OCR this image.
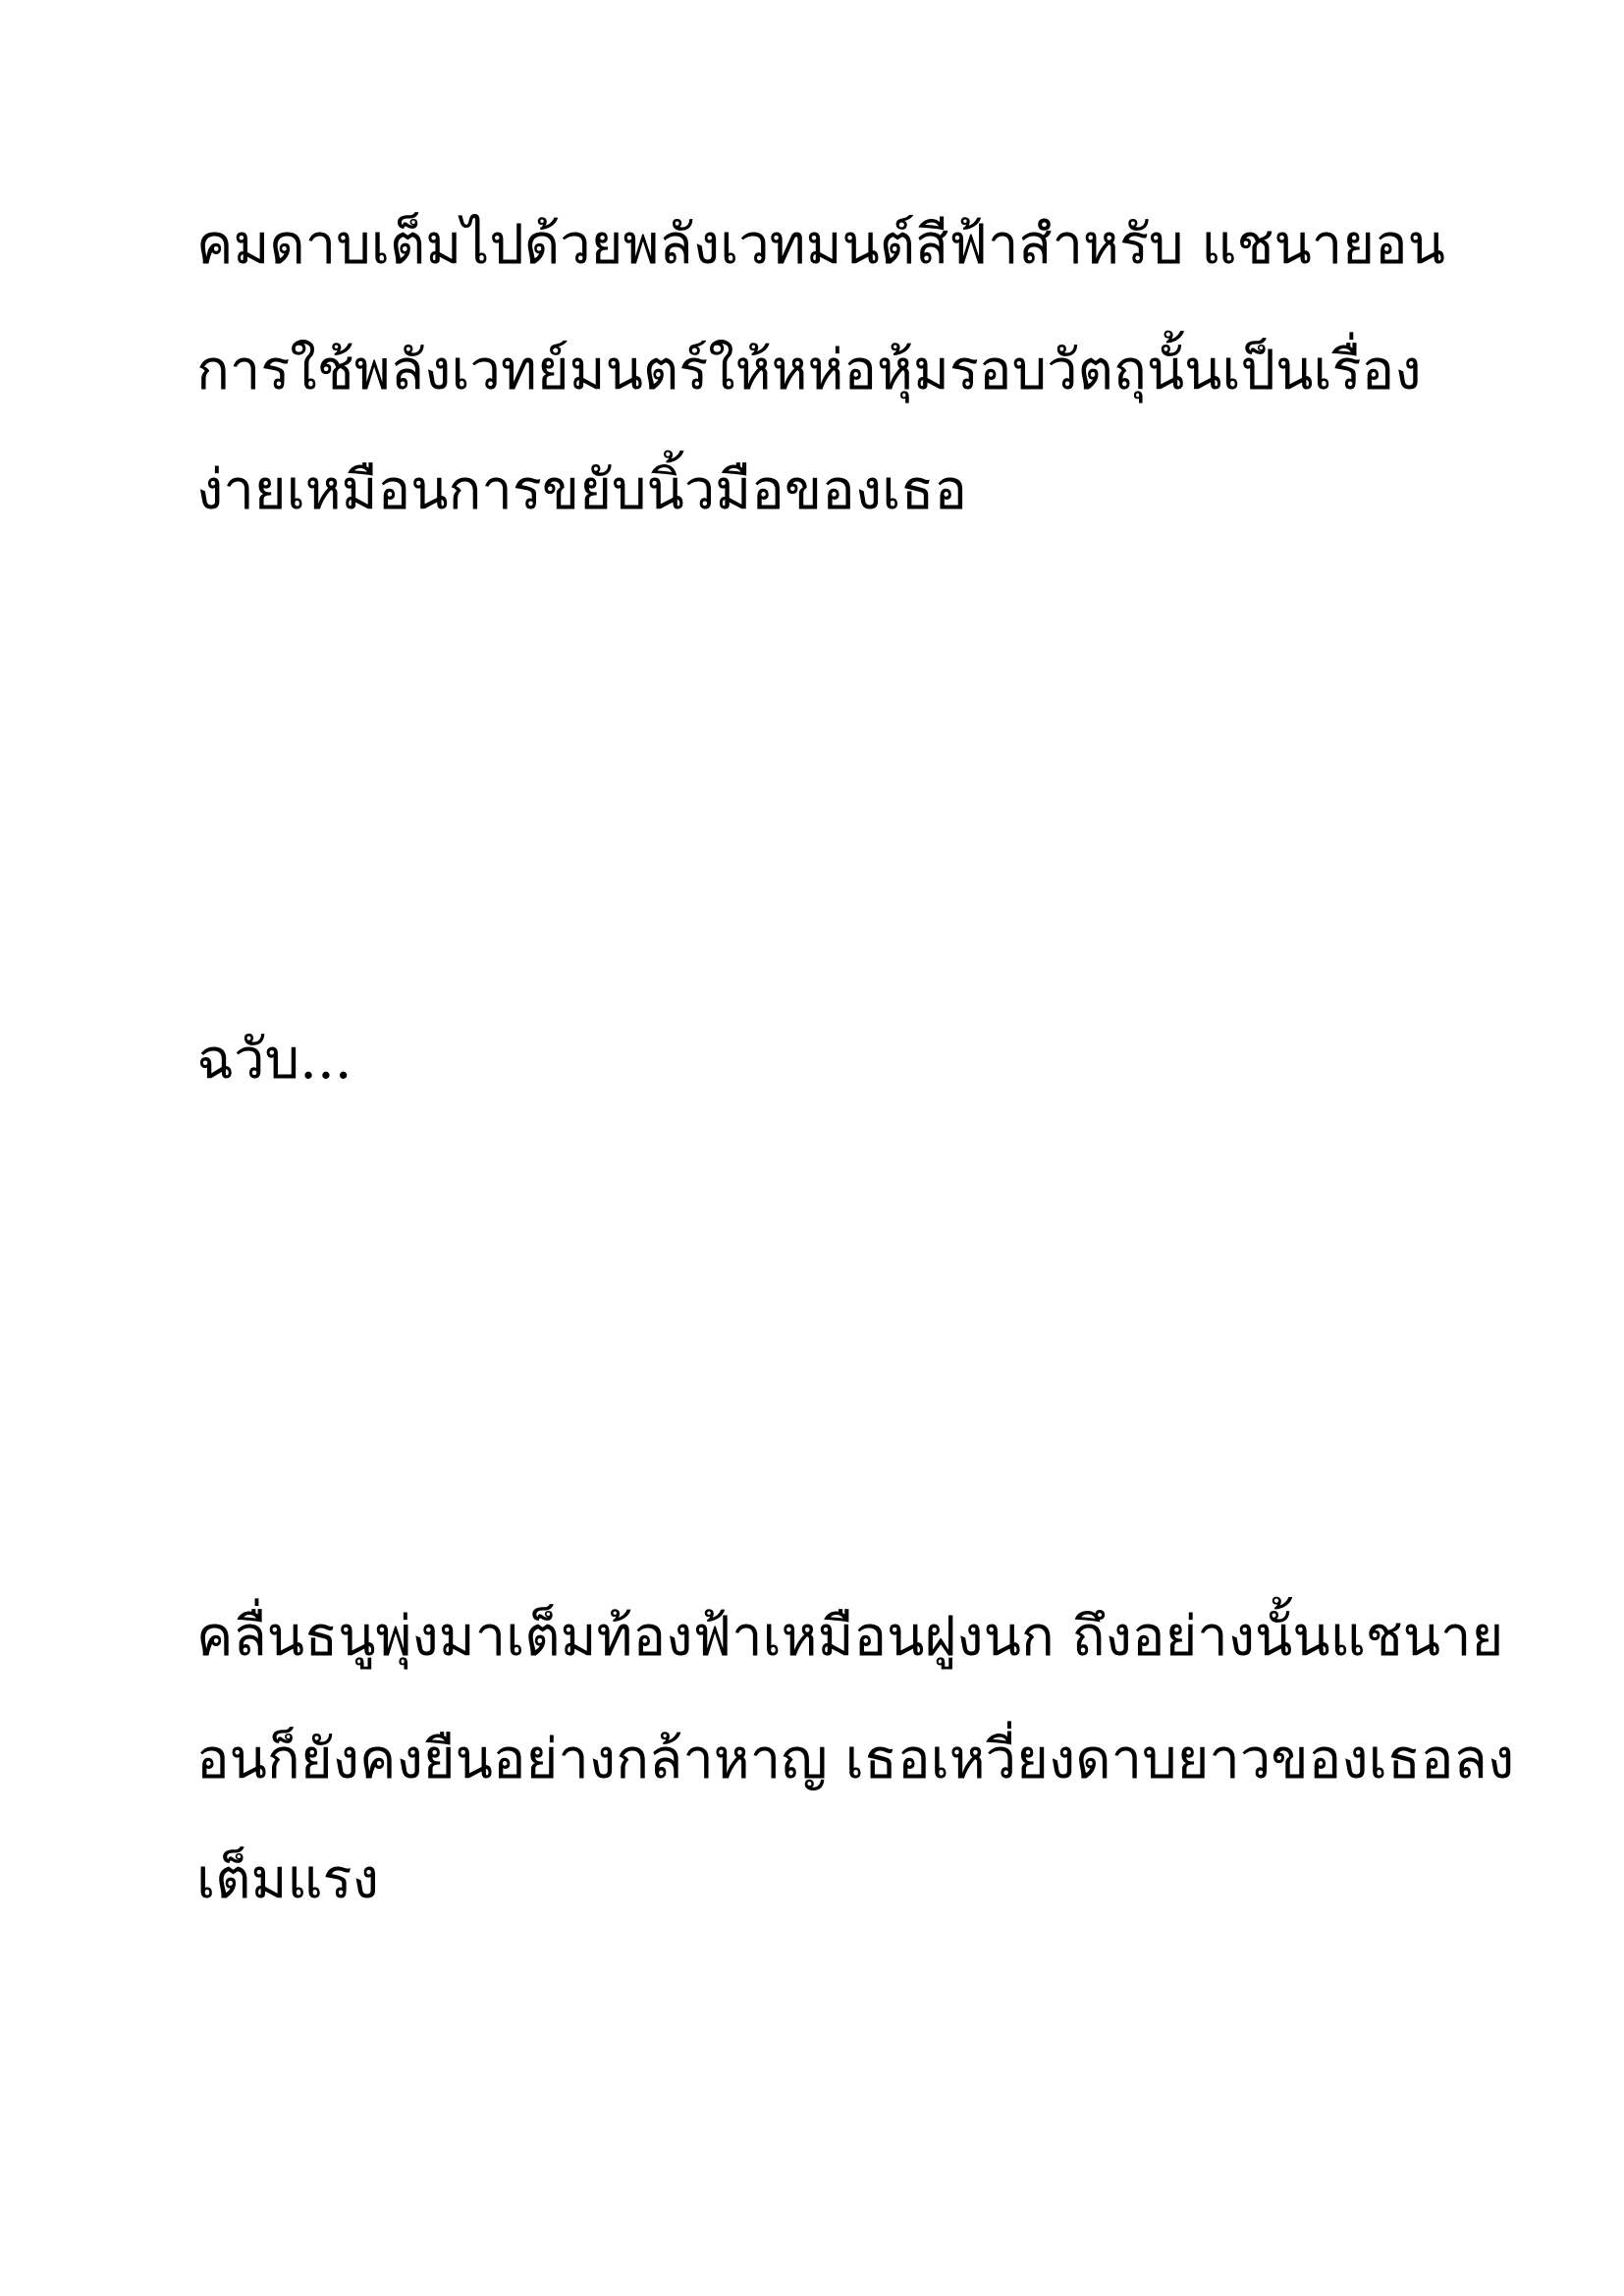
คมดาบเต็มไปด้วยพลังเวทมนต์สีฟ้าสำหรับ แชนายอน

การใช้พลังเวทย์มนตร์ให้หห่อหุ้มรอบวัตถุนั้นเป็นเรื่อง

ง่ายเหมือนการขยับนิ้วมือของเธอ

ฉวับ...

คลื่นธนูพุ่งมาเต็มท้องฟ้าเหมือนฝูงนก ถึงอย่างนั้นแชนาย

อนก็ยังคงยืนอย่างกล้าหาญ เธอเหวี่ยงดาบยาวของเธอลง

เต็มแรง
